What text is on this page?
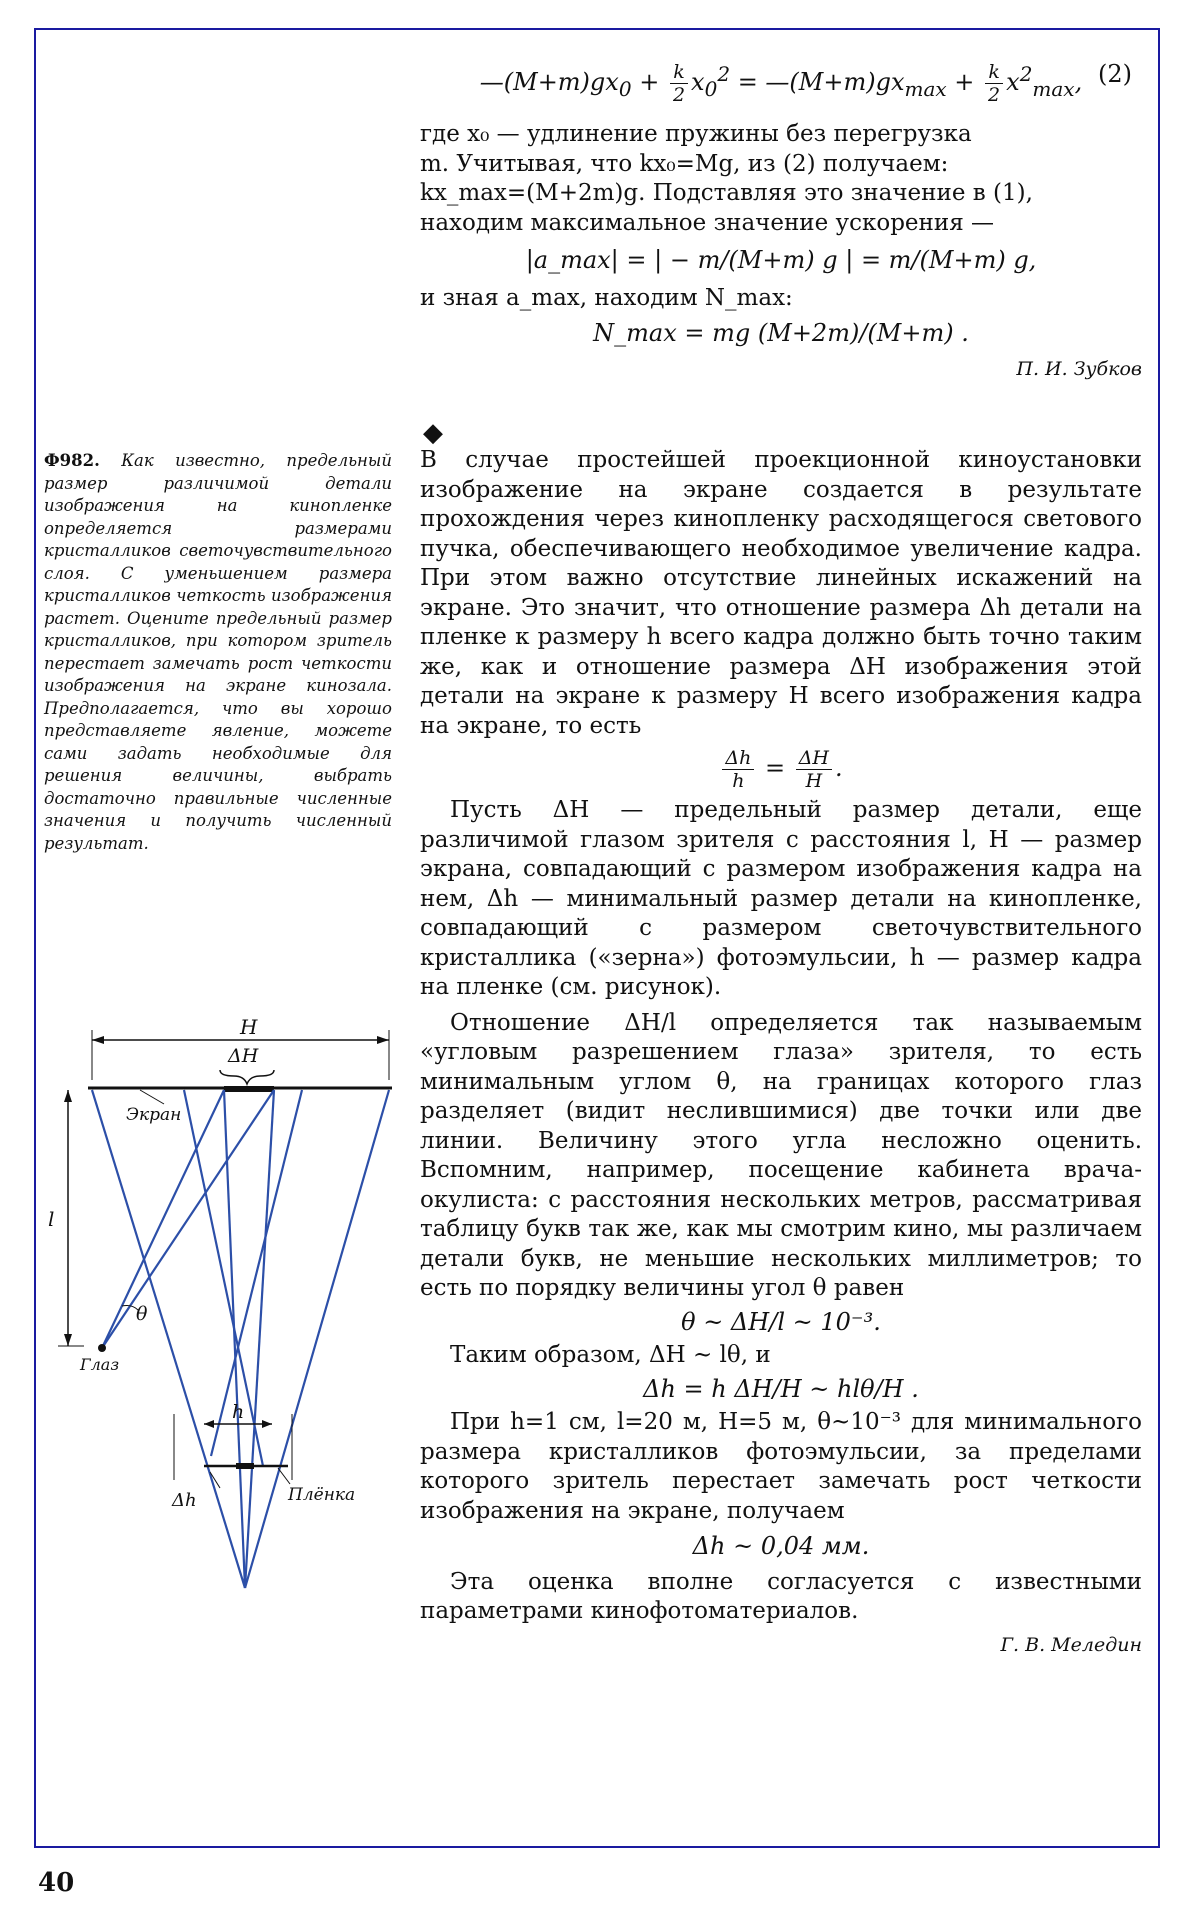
$—(M+m)gx_0 + \frac{k}{2} x_0^2$ = $—(M+m)gx_{max} + \frac{k}{2} x^2_{max}$, (2)

где x₀ — удлинение пружины без перегрузка

m. Учитывая, что kx₀=Mg, из (2) получаем:

kx_max=(M+2m)g. Подставляя это значение в (1),

находим максимальное значение ускорения —

|a_max| = | − m/(M+m) g | = m/(M+m) g,

и зная a_max, находим N_max:

N_max = mg (M+2m)/(M+m) .
П. И. Зубков
◆
Ф982. Как известно, предельный размер различимой детали изображения на кинопленке определяется размерами кристалликов светочувствительного слоя. С уменьшением размера кристалликов четкость изображения растет. Оцените предельный размер кристалликов, при котором зритель перестает замечать рост четкости изображения на экране кинозала. Предполагается, что вы хорошо представляете явление, можете сами задать необходимые для решения величины, выбрать достаточно правильные численные значения и получить численный результат.
H
ΔH
Экран
l
Глаз
θ
h
Δh	Плёнка

В случае простейшей проекционной киноустановки изображение на экране создается в результате прохождения через кинопленку расходящегося светового пучка, обеспечивающего необходимое увеличение кадра. При этом важно отсутствие линейных искажений на экране. Это значит, что отношение размера Δh детали на пленке к размеру h всего кадра должно быть точно таким же, как и отношение размера ΔH изображения этой детали на экране к размеру H всего изображения кадра на экране, то есть

$\frac{\Delta h}{h} = \frac{\Delta H}{H}$ .

Пусть ΔH — предельный размер детали, еще различимой глазом зрителя с расстояния l, H — размер экрана, совпадающий с размером изображения кадра на нем, Δh — минимальный размер детали на кинопленке, совпадающий с размером светочувствительного кристаллика («зерна») фотоэмульсии, h — размер кадра на пленке (см. рисунок).

Отношение ΔH/l определяется так называемым «угловым разрешением глаза» зрителя, то есть минимальным углом θ, на границах которого глаз разделяет (видит неслившимися) две точки или две линии. Величину этого угла несложно оценить. Вспомним, например, посещение кабинета врача-окулиста: с расстояния нескольких метров, рассматривая таблицу букв так же, как мы смотрим кино, мы различаем детали букв, не меньшие нескольких миллиметров; то есть по порядку величины угол θ равен

θ ~ ΔH/l ~ 10⁻³.

Таким образом, ΔH ~ lθ, и

Δh = h ΔH/H ~ hlθ/H .

При h=1 см, l=20 м, H=5 м, θ~10⁻³ для минимального размера кристалликов фотоэмульсии, за пределами которого зритель перестает замечать рост четкости изображения на экране, получаем

Δh ~ 0,04 мм.

Эта оценка вполне согласуется с известными параметрами кинофотоматериалов.

Г. В. Меледин
40
